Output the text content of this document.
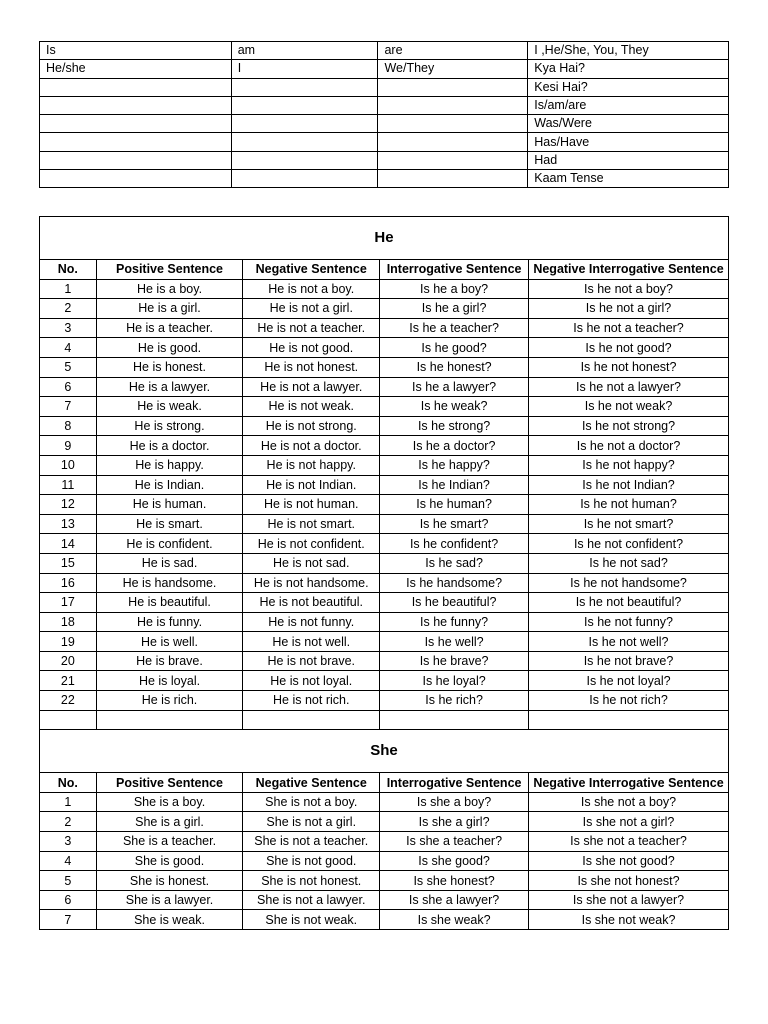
Is	am	are	I ,He/She, You, They
He/she	I	We/They	Kya Hai?
			Kesi Hai?
			Is/am/are
			Was/Were
			Has/Have
			Had
			Kaam Tense
He				
No.	Positive Sentence	Negative Sentence	Interrogative Sentence	Negative Interrogative Sentence
1	He is a boy.	He is not a boy.	Is he a boy?	Is he not a boy?
2	He is a girl.	He is not a girl.	Is he a girl?	Is he not a girl?
3	He is a teacher.	He is not a teacher.	Is he a teacher?	Is he not a teacher?
4	He is good.	He is not good.	Is he good?	Is he not good?
5	He is honest.	He is not honest.	Is he honest?	Is he not honest?
6	He is a lawyer.	He is not a lawyer.	Is he a lawyer?	Is he not a lawyer?
7	He is weak.	He is not weak.	Is he weak?	Is he not weak?
8	He is strong.	He is not strong.	Is he strong?	Is he not strong?
9	He is a doctor.	He is not a doctor.	Is he a doctor?	Is he not a doctor?
10	He is happy.	He is not happy.	Is he happy?	Is he not happy?
11	He is Indian.	He is not Indian.	Is he Indian?	Is he not Indian?
12	He is human.	He is not human.	Is he human?	Is he not human?
13	He is smart.	He is not smart.	Is he smart?	Is he not smart?
14	He is confident.	He is not confident.	Is he confident?	Is he not confident?
15	He is sad.	He is not sad.	Is he sad?	Is he not sad?
16	He is handsome.	He is not handsome.	Is he handsome?	Is he not handsome?
17	He is beautiful.	He is not beautiful.	Is he beautiful?	Is he not beautiful?
18	He is funny.	He is not funny.	Is he funny?	Is he not funny?
19	He is well.	He is not well.	Is he well?	Is he not well?
20	He is brave.	He is not brave.	Is he brave?	Is he not brave?
21	He is loyal.	He is not loyal.	Is he loyal?	Is he not loyal?
22	He is rich.	He is not rich.	Is he rich?	Is he not rich?

She				
No.	Positive Sentence	Negative Sentence	Interrogative Sentence	Negative Interrogative Sentence
1	She is a boy.	She is not a boy.	Is she a boy?	Is she not a boy?
2	She is a girl.	She is not a girl.	Is she a girl?	Is she not a girl?
3	She is a teacher.	She is not a teacher.	Is she a teacher?	Is she not a teacher?
4	She is good.	She is not good.	Is she good?	Is she not good?
5	She is honest.	She is not honest.	Is she honest?	Is she not honest?
6	She is a lawyer.	She is not a lawyer.	Is she a lawyer?	Is she not a lawyer?
7	She is weak.	She is not weak.	Is she weak?	Is she not weak?
